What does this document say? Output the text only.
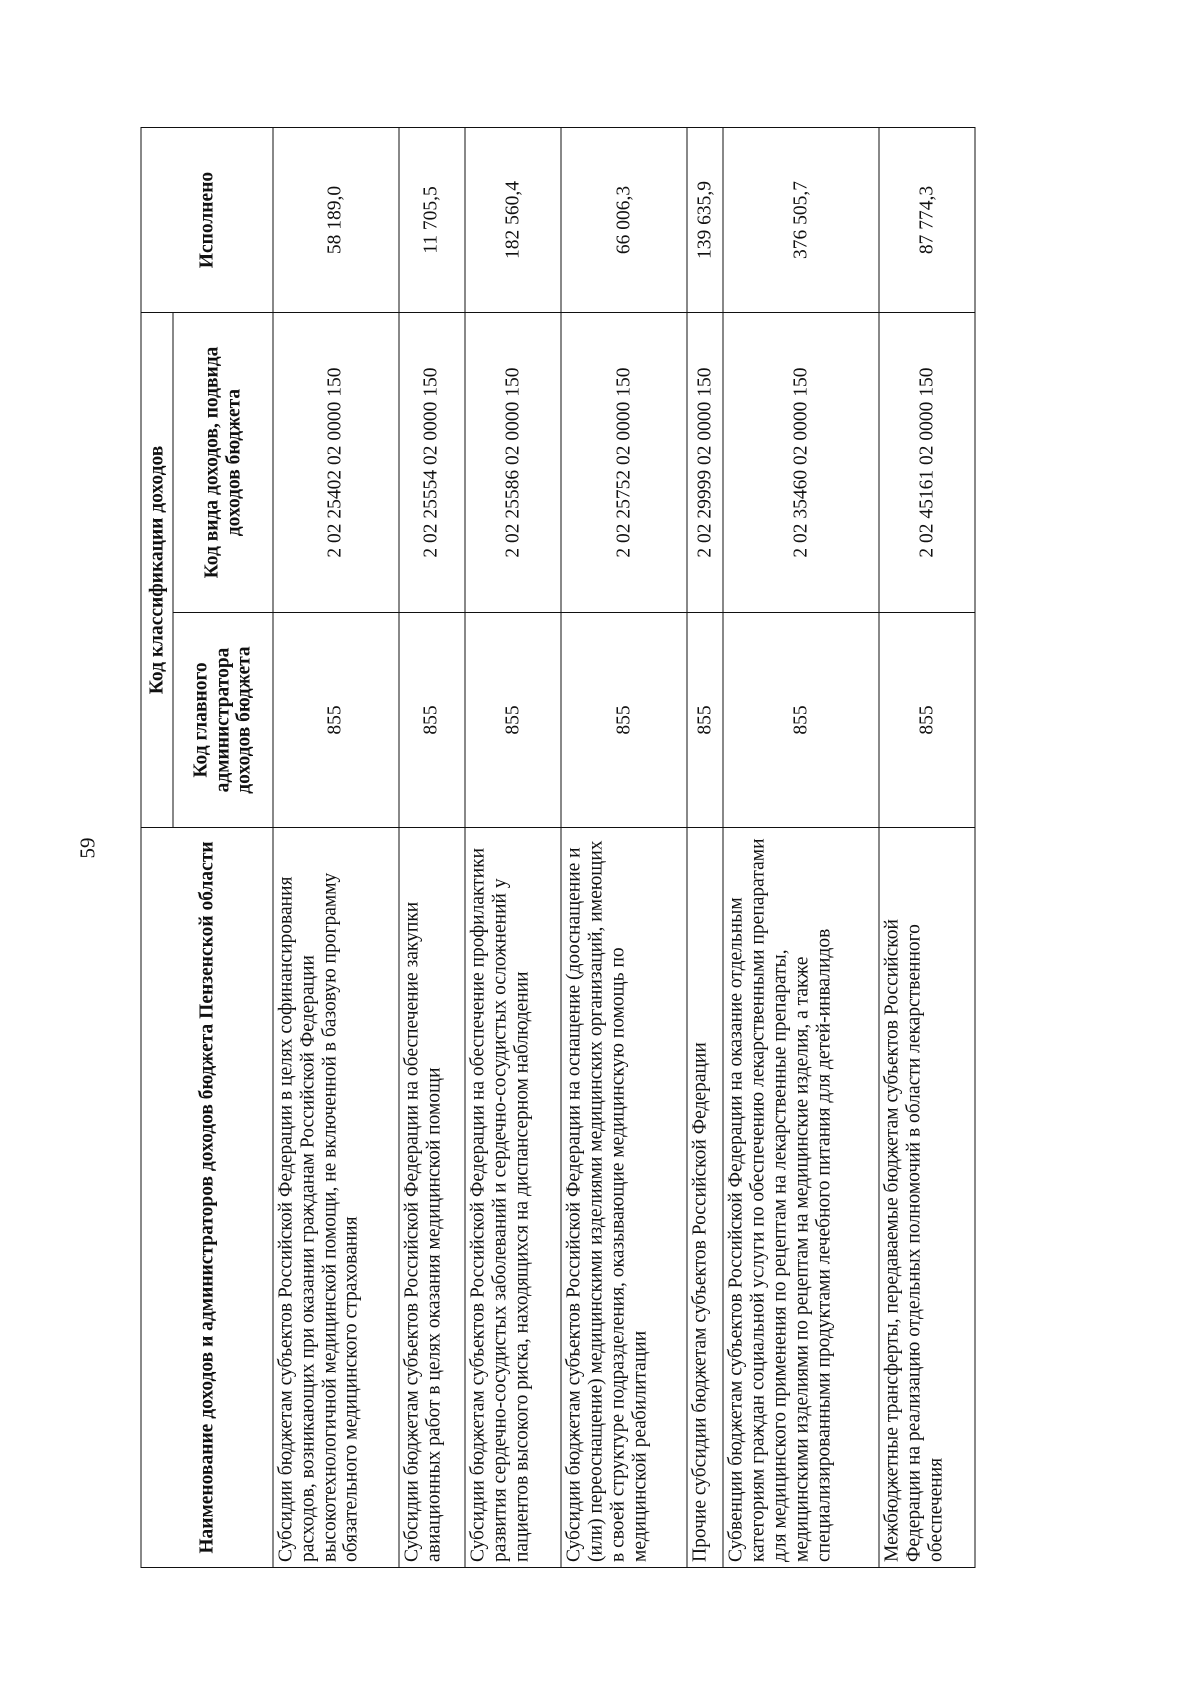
59	Наименование доходов и администраторов доходов бюджета Пензенской области	Код классификации доходов		Исполнено
	Код главного администратора доходов бюджета	Код вида доходов, подвида доходов бюджета	
Субсидии бюджетам субъектов Российской Федерации в целях софинансирования расходов, возникающих при оказании гражданам Российской Федерации высокотехнологичной медицинской помощи, не включенной в базовую программу обязательного медицинского страхования	855	2 02 25402 02 0000 150	58 189,0
Субсидии бюджетам субъектов Российской Федерации на обеспечение закупки авиационных работ в целях оказания медицинской помощи	855	2 02 25554 02 0000 150	11 705,5
Субсидии бюджетам субъектов Российской Федерации на обеспечение профилактики развития сердечно-сосудистых заболеваний и сердечно-сосудистых осложнений у пациентов высокого риска, находящихся на диспансерном наблюдении	855	2 02 25586 02 0000 150	182 560,4
Субсидии бюджетам субъектов Российской Федерации на оснащение (дооснащение и (или) переоснащение) медицинскими изделиями медицинских организаций, имеющих в своей структуре подразделения, оказывающие медицинскую помощь по медицинской реабилитации	855	2 02 25752 02 0000 150	66 006,3
Прочие субсидии бюджетам субъектов Российской Федерации	855	2 02 29999 02 0000 150	139 635,9
Субвенции бюджетам субъектов Российской Федерации на оказание отдельным категориям граждан социальной услуги по обеспечению лекарственными препаратами для медицинского применения по рецептам на лекарственные препараты, медицинскими изделиями по рецептам на медицинские изделия, а также специализированными продуктами лечебного питания для детей-инвалидов	855	2 02 35460 02 0000 150	376 505,7
Межбюджетные трансферты, передаваемые бюджетам субъектов Российской Федерации на реализацию отдельных полномочий в области лекарственного обеспечения	855	2 02 45161 02 0000 150	87 774,3
